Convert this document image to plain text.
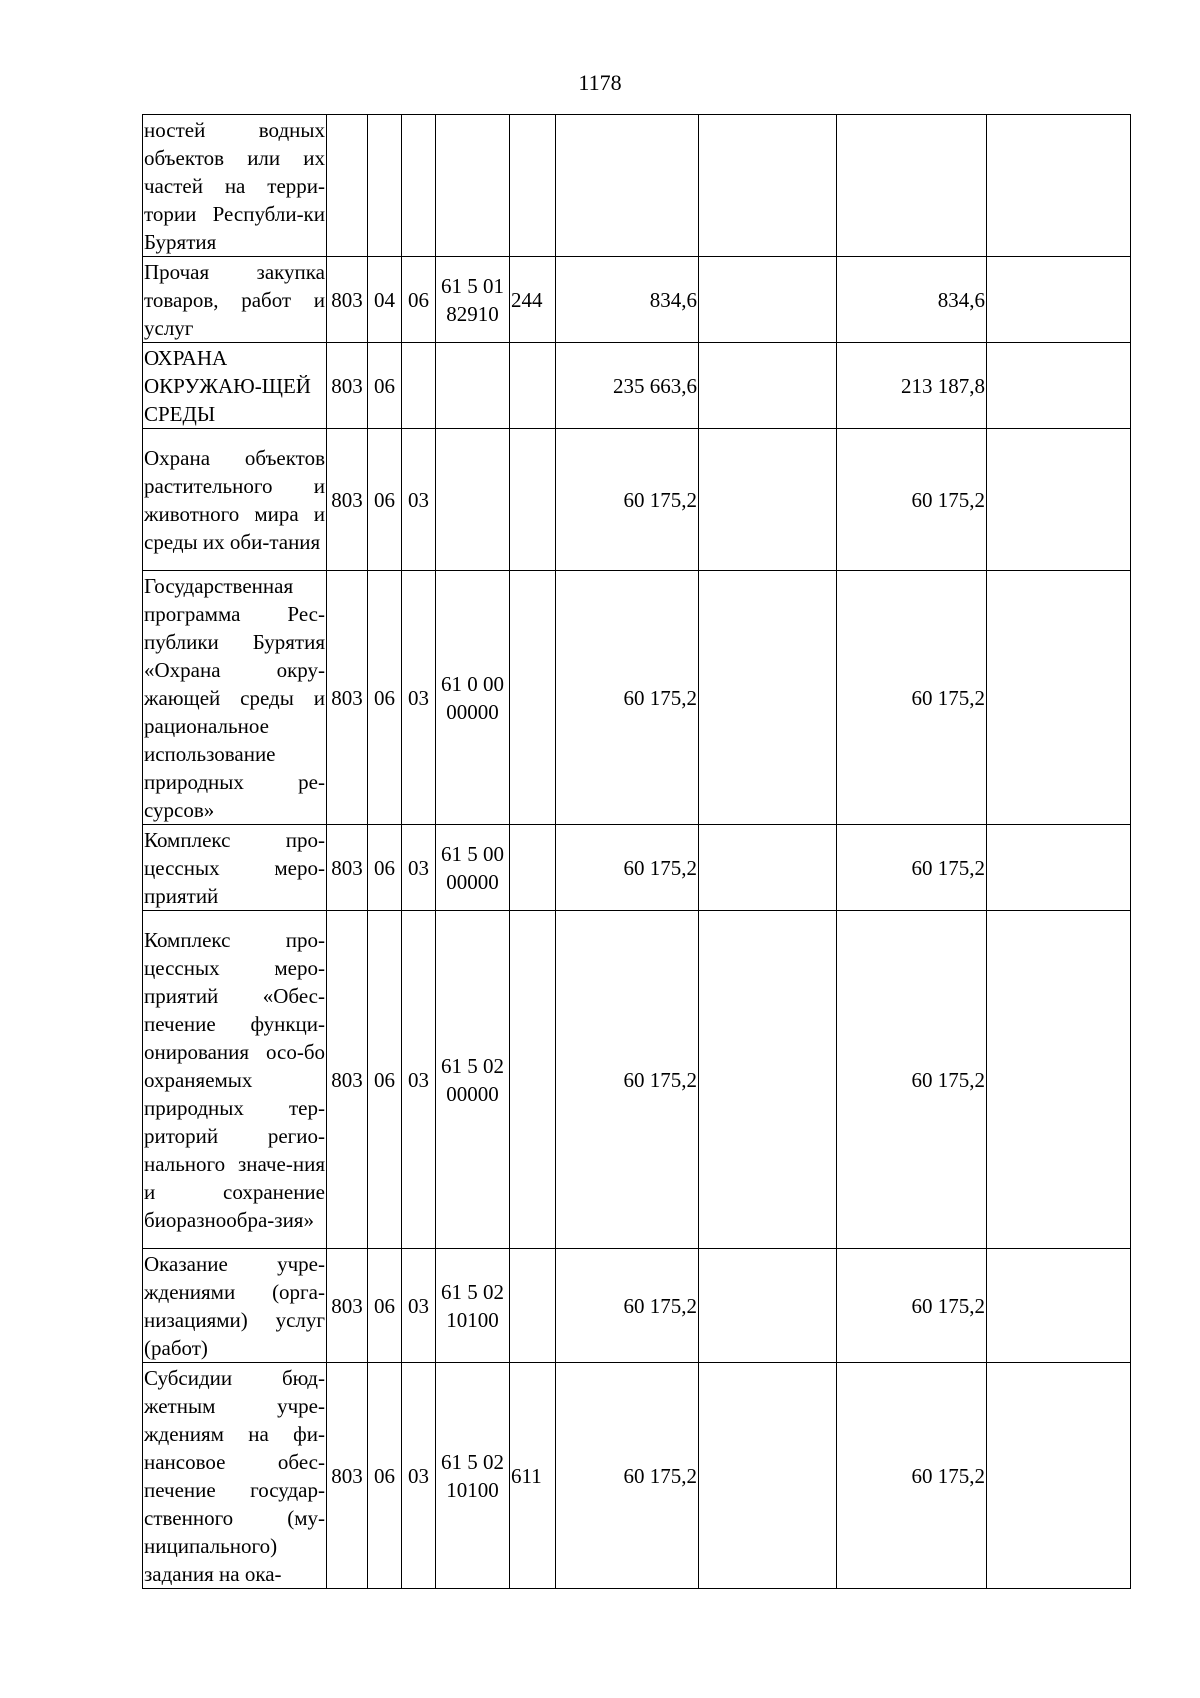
1178
ностей водных объектов или их частей на терри-тории Республи-ки Бурятия									
Прочая закупка товаров, работ и услуг	803	04	06	61 5 01 82910	244	834,6		834,6	
ОХРАНА ОКРУЖАЮ-ЩЕЙ СРЕДЫ	803	06				235 663,6		213 187,8	
Охрана объектов растительного и животного мира и среды их оби-тания	803	06	03			60 175,2		60 175,2	
Государственная программа Рес-публики Бурятия «Охрана окру-жающей среды и рациональное использование природных ре-сурсов»	803	06	03	61 0 00 00000		60 175,2		60 175,2	
Комплекс про-цессных меро-приятий	803	06	03	61 5 00 00000		60 175,2		60 175,2	
Комплекс про-цессных меро-приятий «Обес-печение функци-онирования осо-бо охраняемых природных тер-риторий регио-нального значе-ния и сохранение биоразнообра-зия»	803	06	03	61 5 02 00000		60 175,2		60 175,2	
Оказание учре-ждениями (орга-низациями) услуг (работ)	803	06	03	61 5 02 10100		60 175,2		60 175,2	
Субсидии бюд-жетным учре-ждениям на фи-нансовое обес-печение государ-ственного (му-ниципального) задания на ока-	803	06	03	61 5 02 10100	611	60 175,2		60 175,2	
